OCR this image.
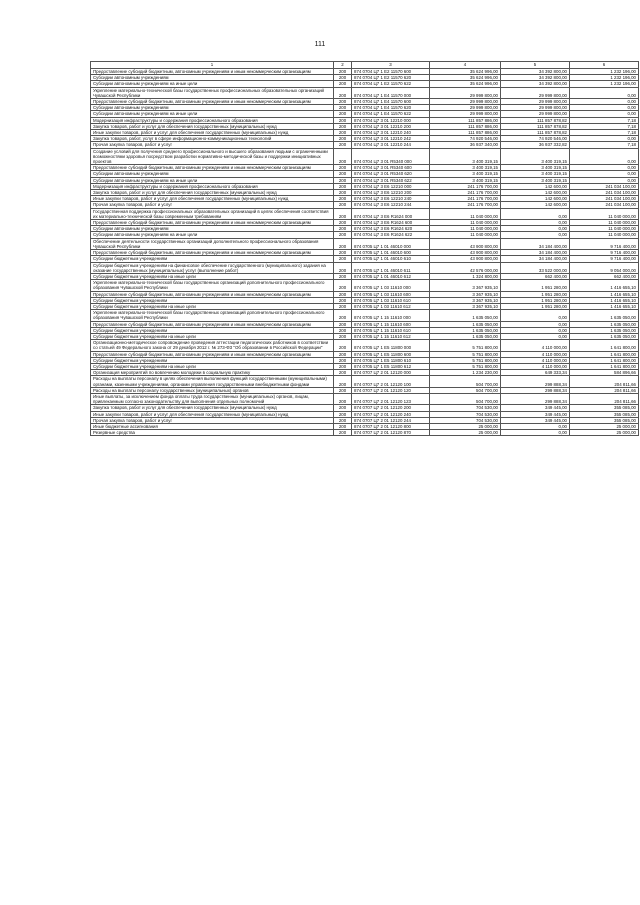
111
1	2	3	4	5	6
Предоставление субсидий бюджетным, автономным учреждениям и иным некоммерческим организациям	200	874 0704 Ц7 1 Е2 11570 600	35 624 996,00	34 392 800,00	1 232 196,00
Субсидии автономным учреждениям	200	874 0704 Ц7 1 Е2 11570 620	35 624 996,00	34 392 800,00	1 232 196,00
Субсидии автономным учреждениям на иные цели	200	874 0704 Ц7 1 Е2 11570 622	35 624 996,00	34 392 800,00	1 232 196,00
Укрепление материально-технической базы государственных профессиональных образовательных организаций Чувашской Республики	200	874 0704 Ц7 1 Е4 11570 000	29 999 800,00	29 999 800,00	0,00
Предоставление субсидий бюджетным, автономным учреждениям и иным некоммерческим организациям	200	874 0704 Ц7 1 Е4 11570 600	29 999 800,00	29 999 800,00	0,00
Субсидии автономным учреждениям	200	874 0704 Ц7 1 Е4 11570 620	29 999 800,00	29 999 800,00	0,00
Субсидии автономным учреждениям на иные цели	200	874 0704 Ц7 1 Е4 11570 622	29 999 800,00	29 999 800,00	0,00
Модернизация инфраструктуры и содержания профессионального образования	200	874 0704 Ц7 3 01 12210 000	111 857 886,00	111 857 878,82	7,18
Закупка товаров, работ и услуг для обеспечения государственных (муниципальных) нужд	200	874 0704 Ц7 3 01 12210 200	111 857 886,00	111 857 878,82	7,18
Иные закупки товаров, работ и услуг для обеспечения государственных (муниципальных) нужд	200	874 0704 Ц7 3 01 12210 240	111 857 886,00	111 857 878,82	7,18
Закупка товаров, работ, услуг в сфере информационно-коммуникационных технологий	200	874 0704 Ц7 3 01 12210 242	74 920 546,00	74 920 546,00	0,00
Прочая закупка товаров, работ и услуг	200	874 0704 Ц7 3 01 12210 244	36 937 340,00	36 937 332,82	7,18
Создание условий для получения среднего профессионального и высшего образования людьми с ограниченными возможностями здоровья посредством разработки нормативно-методической базы и поддержки инициативных проектов	200	874 0704 Ц7 3 01 R5340 000	3 400 319,15	3 400 319,15	0,00
Предоставление субсидий бюджетным, автономным учреждениям и иным некоммерческим организациям	200	874 0704 Ц7 3 01 R5340 600	3 400 319,15	3 400 319,15	0,00
Субсидии автономным учреждениям	200	874 0704 Ц7 3 01 R5340 620	3 400 319,15	3 400 319,15	0,00
Субсидии автономным учреждениям на иные цели	200	874 0704 Ц7 3 01 R5340 622	3 400 319,15	3 400 319,15	0,00
Модернизация инфраструктуры и содержания профессионального образования	200	874 0704 Ц7 3 Е6 12210 000	241 176 700,00	142 600,00	241 034 100,00
Закупка товаров, работ и услуг для обеспечения государственных (муниципальных) нужд	200	874 0704 Ц7 3 Е6 12210 200	241 176 700,00	142 600,00	241 034 100,00
Иные закупки товаров, работ и услуг для обеспечения государственных (муниципальных) нужд	200	874 0704 Ц7 3 Е6 12210 240	241 176 700,00	142 600,00	241 034 100,00
Прочая закупка товаров, работ и услуг	200	874 0704 Ц7 3 Е6 12210 244	241 176 700,00	142 600,00	241 034 100,00
Государственная поддержка профессиональных образовательных организаций в целях обеспечения соответствия их материально-технической базы современным требованиям	200	874 0704 Ц7 3 Е6 R1624 000	11 040 000,00	0,00	11 040 000,00
Предоставление субсидий бюджетным, автономным учреждениям и иным некоммерческим организациям	200	874 0704 Ц7 3 Е6 R1624 600	11 040 000,00	0,00	11 040 000,00
Субсидии автономным учреждениям	200	874 0704 Ц7 3 Е6 R1624 620	11 040 000,00	0,00	11 040 000,00
Субсидии автономным учреждениям на иные цели	200	874 0704 Ц7 3 Е6 R1624 622	11 040 000,00	0,00	11 040 000,00
Обеспечение деятельности государственных организаций дополнительного профессионального образования Чувашской Республики	200	874 0705 Ц7 1 01 46010 000	43 900 800,00	34 184 400,00	9 716 400,00
Предоставление субсидий бюджетным, автономным учреждениям и иным некоммерческим организациям	200	874 0705 Ц7 1 01 46010 600	43 900 800,00	34 184 400,00	9 716 400,00
Субсидии бюджетным учреждениям	200	874 0705 Ц7 1 01 46010 610	43 900 800,00	34 184 400,00	9 716 400,00
Субсидии бюджетным учреждениям на финансовое обеспечение государственного (муниципального) задания на оказание государственных (муниципальных) услуг (выполнение работ)	200	874 0705 Ц7 1 01 46010 611	42 576 000,00	33 522 000,00	9 054 000,00
Субсидии бюджетным учреждениям на иные цели	200	874 0705 Ц7 1 01 46010 612	1 324 800,00	662 400,00	662 400,00
Укрепление материально-технической базы государственных организаций дополнительного профессионального образования Чувашской Республики	200	874 0705 Ц7 1 03 11610 000	3 367 935,10	1 951 280,00	1 416 655,10
Предоставление субсидий бюджетным, автономным учреждениям и иным некоммерческим организациям	200	874 0705 Ц7 1 03 11610 600	3 367 935,10	1 951 280,00	1 416 655,10
Субсидии бюджетным учреждениям	200	874 0705 Ц7 1 03 11610 610	3 367 935,10	1 951 280,00	1 416 655,10
Субсидии бюджетным учреждениям на иные цели	200	874 0705 Ц7 1 03 11610 612	3 367 935,10	1 951 280,00	1 416 655,10
Укрепление материально-технической базы государственных организаций дополнительного профессионального образования Чувашской Республики	200	874 0705 Ц7 1 15 11610 000	1 635 050,00	0,00	1 635 050,00
Предоставление субсидий бюджетным, автономным учреждениям и иным некоммерческим организациям	200	874 0705 Ц7 1 15 11610 600	1 635 050,00	0,00	1 635 050,00
Субсидии бюджетным учреждениям	200	874 0705 Ц7 1 15 11610 610	1 635 050,00	0,00	1 635 050,00
Субсидии бюджетным учреждениям на иные цели	200	874 0705 Ц7 1 15 11610 612	1 635 050,00	0,00	1 635 050,00
Организационно-методическое сопровождение проведения аттестации педагогических работников в соответствии со статьей 49 Федерального закона от 29 декабря 2012 г. № 273-ФЗ "Об образовании в Российской Федерации"	200	874 0705 Ц7 1 Е5 11800 000	5 751 800,00	4 110 000,00	1 641 800,00
Предоставление субсидий бюджетным, автономным учреждениям и иным некоммерческим организациям	200	874 0705 Ц7 1 Е5 11800 600	5 751 800,00	4 110 000,00	1 641 800,00
Субсидии бюджетным учреждениям	200	874 0705 Ц7 1 Е5 11800 610	5 751 800,00	4 110 000,00	1 641 800,00
Субсидии бюджетным учреждениям на иные цели	200	874 0705 Ц7 1 Е5 11800 612	5 751 800,00	4 110 000,00	1 641 800,00
Организация мероприятий по вовлечению молодежи в социальную практику	200	874 0707 Ц7 2 01 12120 000	1 234 230,00	649 333,34	584 896,66
Расходы на выплаты персоналу в целях обеспечения выполнения функций государственными (муниципальными) органами, казенными учреждениями, органами управления государственными внебюджетными фондами	200	874 0707 Ц7 2 01 12120 100	504 700,00	299 888,34	204 811,66
Расходы на выплаты персоналу государственных (муниципальных) органов	200	874 0707 Ц7 2 01 12120 120	504 700,00	299 888,34	204 811,66
Иные выплаты, за исключением фонда оплаты труда государственных (муниципальных) органов, лицам, привлекаемым согласно законодательству для выполнения отдельных полномочий	200	874 0707 Ц7 2 01 12120 123	504 700,00	299 888,34	204 811,66
Закупка товаров, работ и услуг для обеспечения государственных (муниципальных) нужд	200	874 0707 Ц7 2 01 12120 200	704 530,00	349 445,00	355 085,00
Иные закупки товаров, работ и услуг для обеспечения государственных (муниципальных) нужд	200	874 0707 Ц7 2 01 12120 240	704 530,00	349 445,00	355 085,00
Прочая закупка товаров, работ и услуг	200	874 0707 Ц7 2 01 12120 244	704 530,00	349 445,00	355 085,00
Иные бюджетные ассигнования	200	874 0707 Ц7 2 01 12120 800	25 000,00	0,00	25 000,00
Резервные средства	200	874 0707 Ц7 2 01 12120 870	25 000,00	0,00	25 000,00
